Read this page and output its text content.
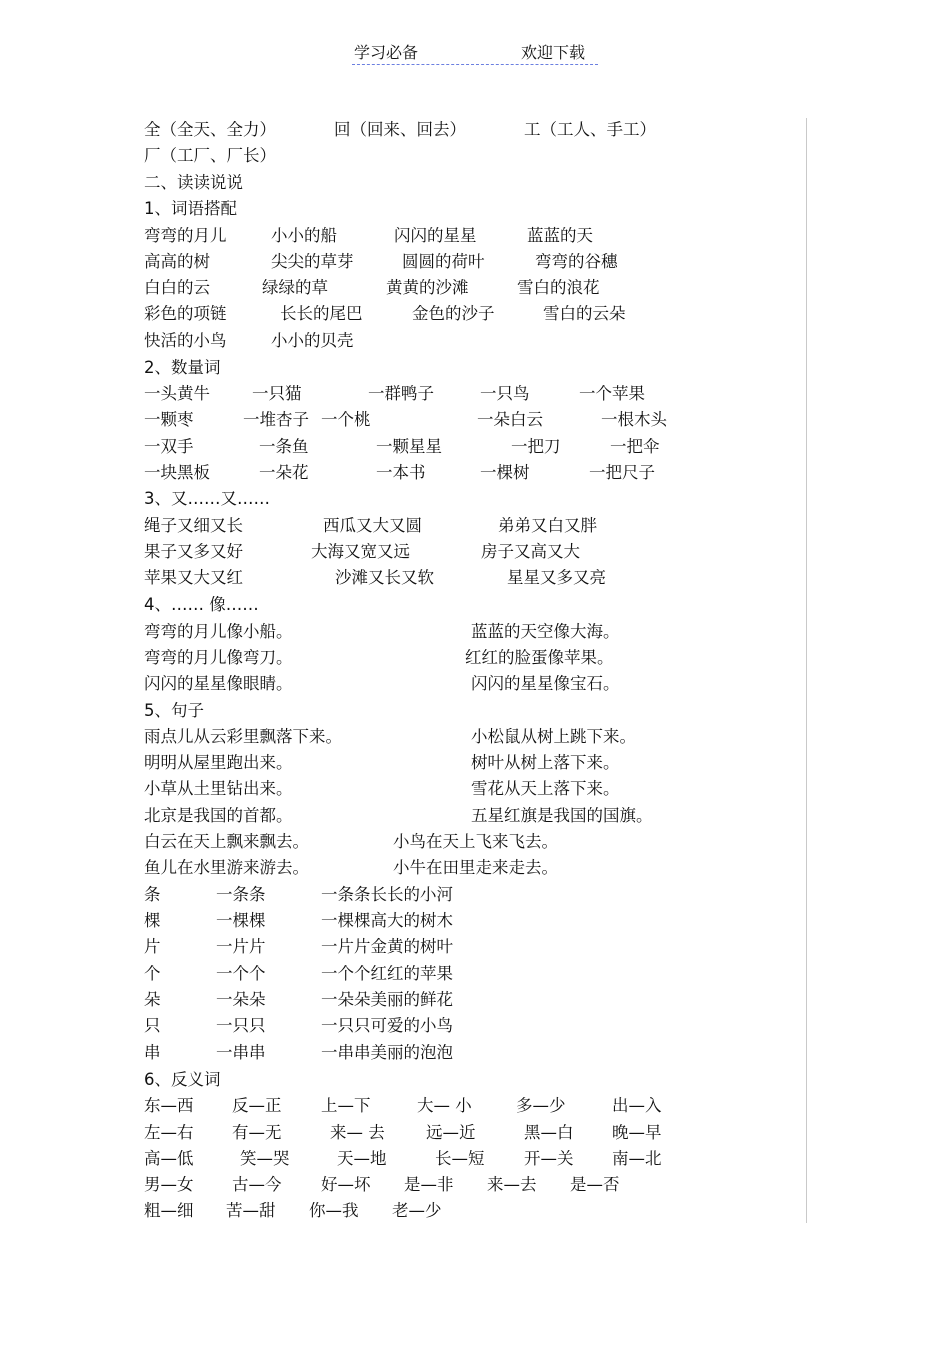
学习必备	欢迎下载
全（全天、全力）	回（回来、回去）	工（工人、手工）
厂（工厂、厂长）
二、读读说说
1、词语搭配
弯弯的月儿	小小的船	闪闪的星星	蓝蓝的天
高高的树	尖尖的草芽	圆圆的荷叶	弯弯的谷穗
白白的云	绿绿的草	黄黄的沙滩	雪白的浪花
彩色的项链	长长的尾巴	金色的沙子	雪白的云朵
快活的小鸟	小小的贝壳
2、数量词
一头黄牛	一只猫	一群鸭子	一只鸟	一个苹果
一颗枣	一堆杏子 一个桃	一朵白云	一根木头
一双手	一条鱼	一颗星星	一把刀	一把伞
一块黑板	一朵花	一本书	一棵树	一把尺子
3、又……又……
绳子又细又长	西瓜又大又圆	弟弟又白又胖
果子又多又好	大海又宽又远	房子又高又大
苹果又大又红	沙滩又长又软	星星又多又亮
4、…… 像……
弯弯的月儿像小船。	蓝蓝的天空像大海。
弯弯的月儿像弯刀。	红红的脸蛋像苹果。
闪闪的星星像眼睛。	闪闪的星星像宝石。
5、句子
雨点儿从云彩里飘落下来。	小松鼠从树上跳下来。
明明从屋里跑出来。	树叶从树上落下来。
小草从土里钻出来。	雪花从天上落下来。
北京是我国的首都。	五星红旗是我国的国旗。
白云在天上飘来飘去。	小鸟在天上飞来飞去。
鱼儿在水里游来游去。	小牛在田里走来走去。
条	一条条	一条条长长的小河
棵	一棵棵	一棵棵高大的树木
片	一片片	一片片金黄的树叶
个	一个个	一个个红红的苹果
朵	一朵朵	一朵朵美丽的鲜花
只	一只只	一只只可爱的小鸟
串	一串串	一串串美丽的泡泡
6、反义词
东—西 反—正 上—下	大— 小	多—少	出—入
左—右 有—无	来— 去	远—近	黑—白 晚—早
高—低	笑—哭	天—地	长—短 开—关 南—北
男—女 古—今 好—坏 是—非 来—去 是—否
粗—细 苦—甜 你—我 老—少
